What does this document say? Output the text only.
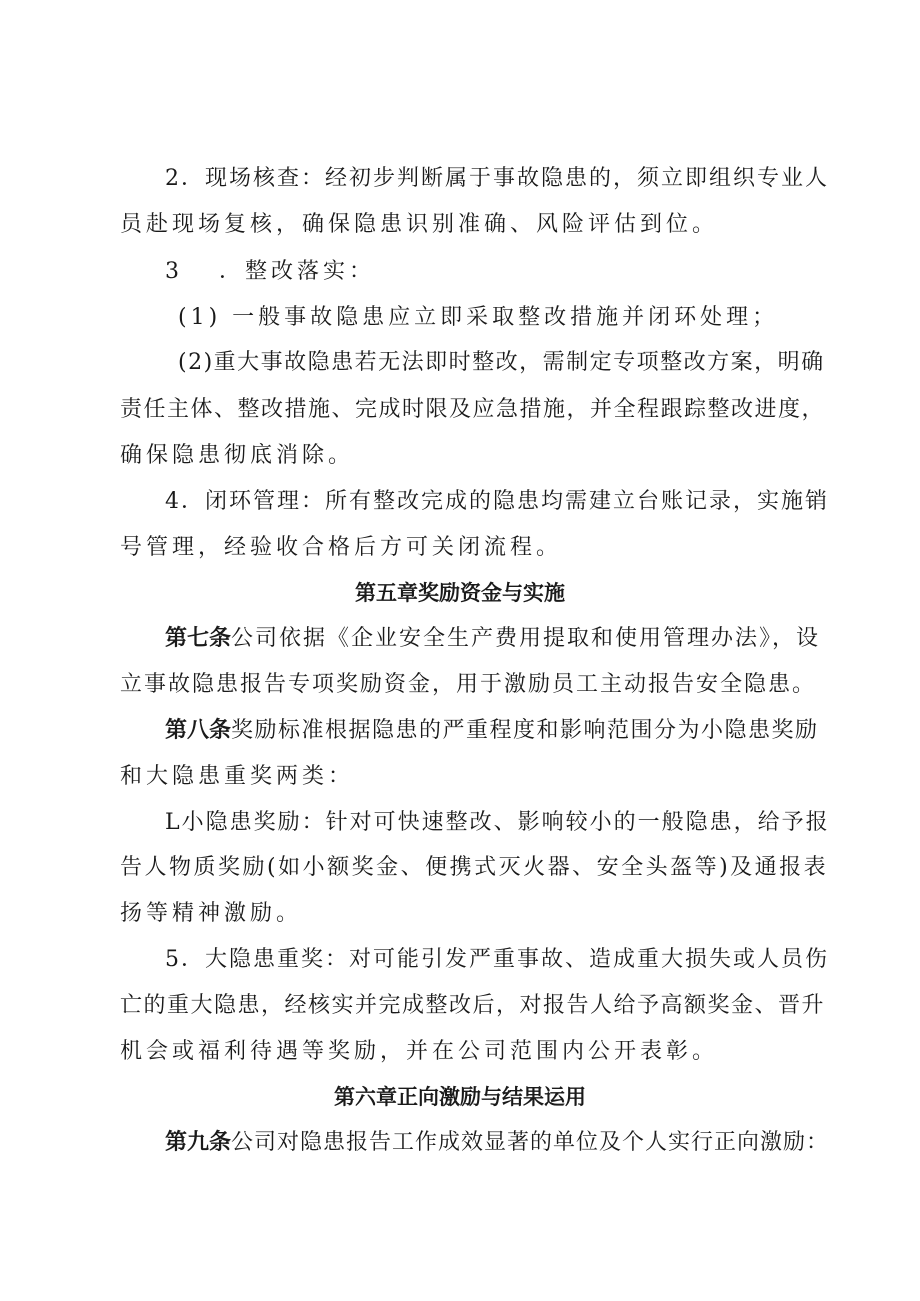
2．现场核查：经初步判断属于事故隐患的，须立即组织专业人
员赴现场复核，确保隐患识别准确、风险评估到位。
3 ．整改落实：
(1) 一般事故隐患应立即采取整改措施并闭环处理；
(2)重大事故隐患若无法即时整改，需制定专项整改方案，明确
责任主体、整改措施、完成时限及应急措施，并全程跟踪整改进度，
确保隐患彻底消除。
4．闭环管理：所有整改完成的隐患均需建立台账记录，实施销
号管理，经验收合格后方可关闭流程。
第五章奖励资金与实施
第七条公司依据《企业安全生产费用提取和使用管理办法》，设
立事故隐患报告专项奖励资金，用于激励员工主动报告安全隐患。
第八条奖励标准根据隐患的严重程度和影响范围分为小隐患奖励
和大隐患重奖两类：
L小隐患奖励：针对可快速整改、影响较小的一般隐患，给予报
告人物质奖励(如小额奖金、便携式灭火器、安全头盔等)及通报表
扬等精神激励。
5．大隐患重奖：对可能引发严重事故、造成重大损失或人员伤
亡的重大隐患，经核实并完成整改后，对报告人给予高额奖金、晋升
机会或福利待遇等奖励，并在公司范围内公开表彰。
第六章正向激励与结果运用
第九条公司对隐患报告工作成效显著的单位及个人实行正向激励：
